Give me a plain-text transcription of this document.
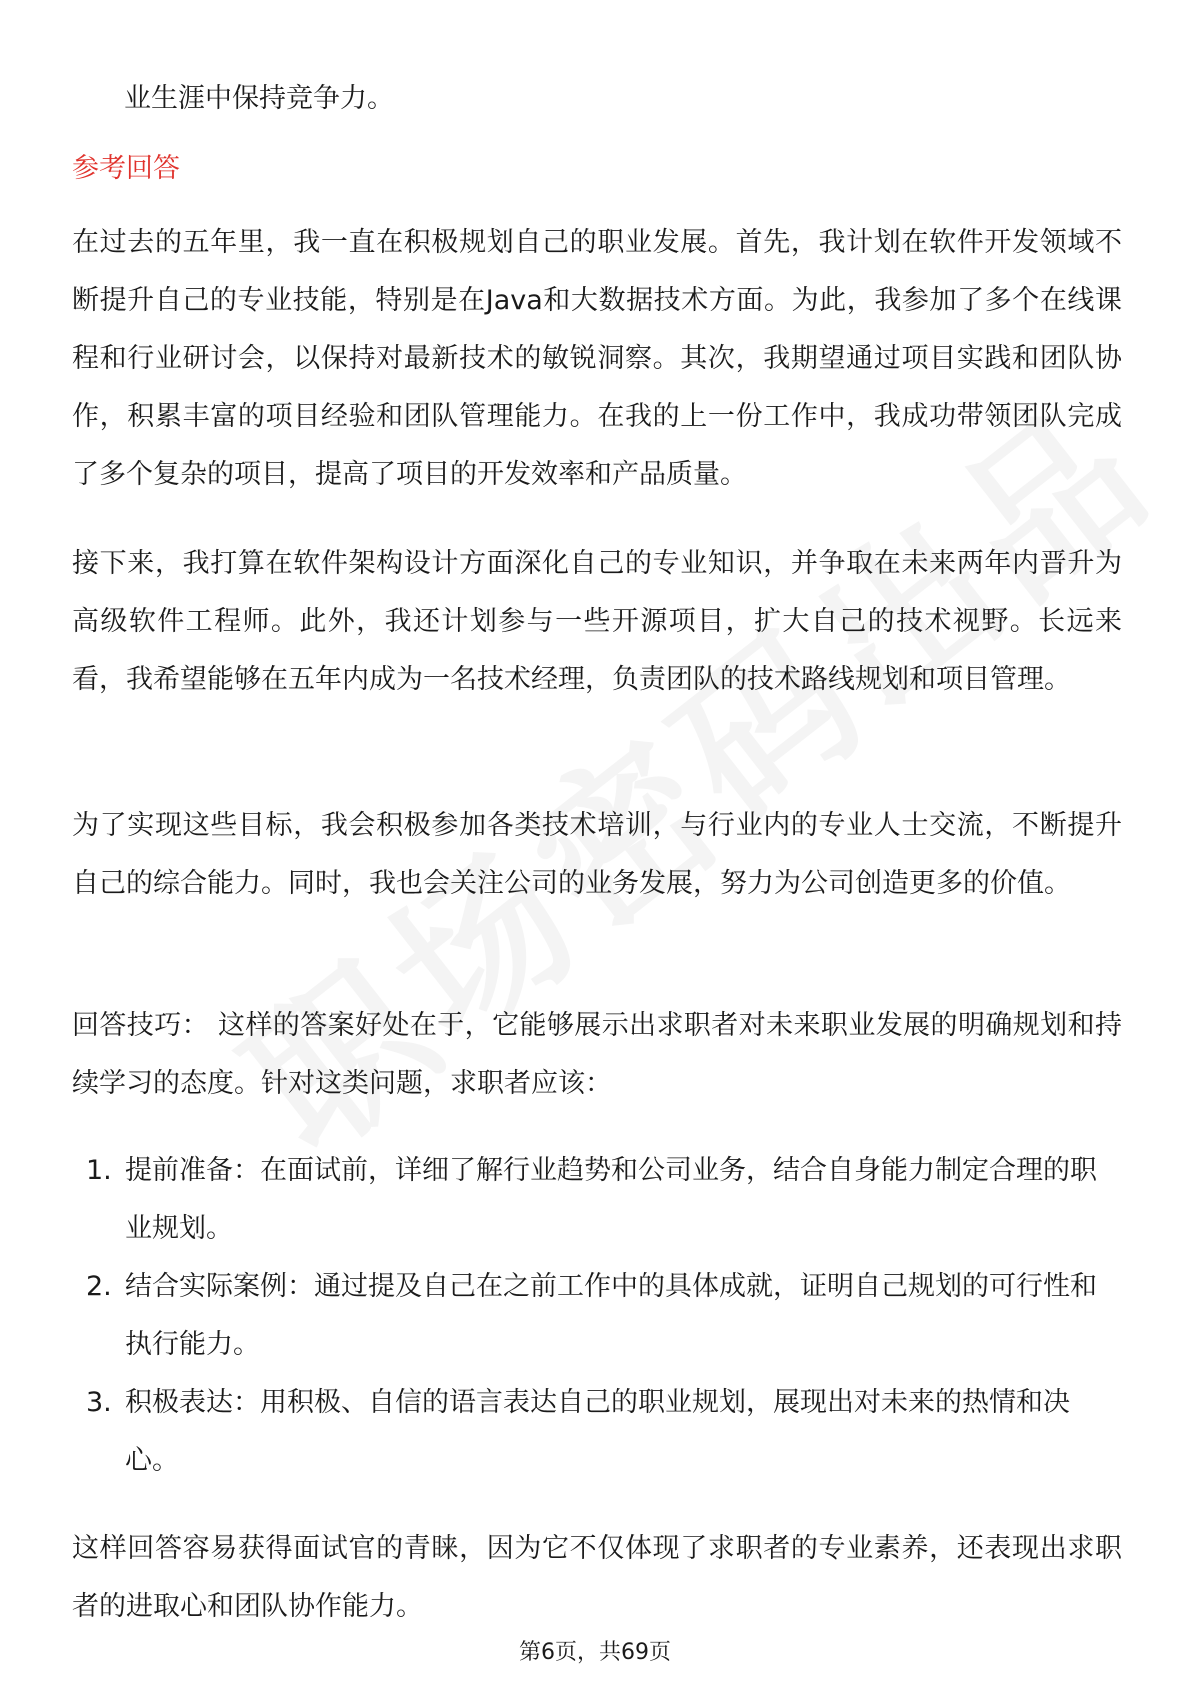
业生涯中保持竞争力。

参考回答

在过去的五年里，我一直在积极规划自己的职业发展。首先，我计划在软件开发领域不断提升自己的专业技能，特别是在Java和大数据技术方面。为此，我参加了多个在线课程和行业研讨会，以保持对最新技术的敏锐洞察。其次，我期望通过项目实践和团队协作，积累丰富的项目经验和团队管理能力。在我的上一份工作中，我成功带领团队完成了多个复杂的项目，提高了项目的开发效率和产品质量。

接下来，我打算在软件架构设计方面深化自己的专业知识，并争取在未来两年内晋升为高级软件工程师。此外，我还计划参与一些开源项目，扩大自己的技术视野。长远来看，我希望能够在五年内成为一名技术经理，负责团队的技术路线规划和项目管理。

为了实现这些目标，我会积极参加各类技术培训，与行业内的专业人士交流，不断提升自己的综合能力。同时，我也会关注公司的业务发展，努力为公司创造更多的价值。

回答技巧： 这样的答案好处在于，它能够展示出求职者对未来职业发展的明确规划和持续学习的态度。针对这类问题，求职者应该：

1. 提前准备：在面试前，详细了解行业趋势和公司业务，结合自身能力制定合理的职业规划。
2. 结合实际案例：通过提及自己在之前工作中的具体成就，证明自己规划的可行性和执行能力。
3. 积极表达：用积极、自信的语言表达自己的职业规划，展现出对未来的热情和决心。

这样回答容易获得面试官的青睐，因为它不仅体现了求职者的专业素养，还表现出求职者的进取心和团队协作能力。

第6页，共69页
